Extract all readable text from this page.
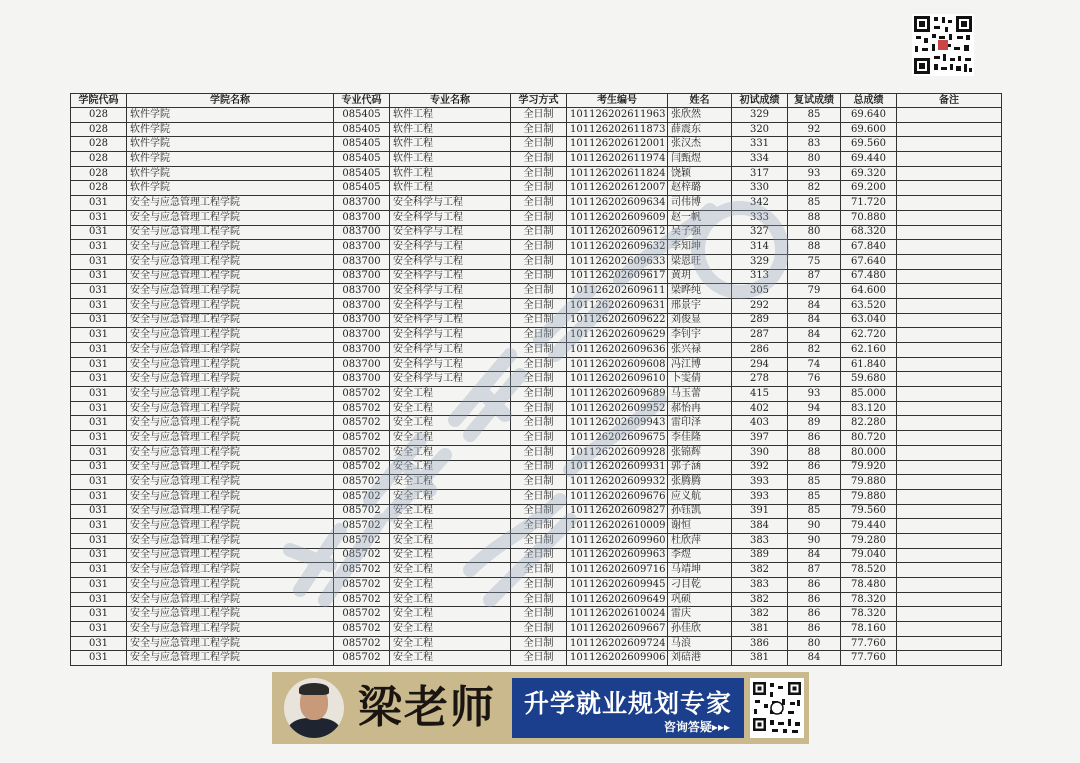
学院代码	学院名称	专业代码	专业名称	学习方式	考生编号	姓名	初试成绩	复试成绩	总成绩	备注
028	软件学院	085405	软件工程	全日制	101126202611963	张欣然	329	85	69.640	
028	软件学院	085405	软件工程	全日制	101126202611873	薛震东	320	92	69.600	
028	软件学院	085405	软件工程	全日制	101126202612001	张汉杰	331	83	69.560	
028	软件学院	085405	软件工程	全日制	101126202611974	闫甄煜	334	80	69.440	
028	软件学院	085405	软件工程	全日制	101126202611824	饶颖	317	93	69.320	
028	软件学院	085405	软件工程	全日制	101126202612007	赵梓璐	330	82	69.200	
031	安全与应急管理工程学院	083700	安全科学与工程	全日制	101126202609634	司伟博	342	85	71.720	
031	安全与应急管理工程学院	083700	安全科学与工程	全日制	101126202609609	赵一帆	333	88	70.880	
031	安全与应急管理工程学院	083700	安全科学与工程	全日制	101126202609612	吴子强	327	80	68.320	
031	安全与应急管理工程学院	083700	安全科学与工程	全日制	101126202609632	李知坤	314	88	67.840	
031	安全与应急管理工程学院	083700	安全科学与工程	全日制	101126202609633	梁恩旺	329	75	67.640	
031	安全与应急管理工程学院	083700	安全科学与工程	全日制	101126202609617	黄玥	313	87	67.480	
031	安全与应急管理工程学院	083700	安全科学与工程	全日制	101126202609611	梁晔纯	305	79	64.600	
031	安全与应急管理工程学院	083700	安全科学与工程	全日制	101126202609631	邢景宇	292	84	63.520	
031	安全与应急管理工程学院	083700	安全科学与工程	全日制	101126202609622	刘俊显	289	84	63.040	
031	安全与应急管理工程学院	083700	安全科学与工程	全日制	101126202609629	李钊宇	287	84	62.720	
031	安全与应急管理工程学院	083700	安全科学与工程	全日制	101126202609636	张兴禄	286	82	62.160	
031	安全与应急管理工程学院	083700	安全科学与工程	全日制	101126202609608	冯江博	294	74	61.840	
031	安全与应急管理工程学院	083700	安全科学与工程	全日制	101126202609610	卜雯倩	278	76	59.680	
031	安全与应急管理工程学院	085702	安全工程	全日制	101126202609689	马玉蕾	415	93	85.000	
031	安全与应急管理工程学院	085702	安全工程	全日制	101126202609952	郝怡冉	402	94	83.120	
031	安全与应急管理工程学院	085702	安全工程	全日制	101126202609943	雷印泽	403	89	82.280	
031	安全与应急管理工程学院	085702	安全工程	全日制	101126202609675	李佳隆	397	86	80.720	
031	安全与应急管理工程学院	085702	安全工程	全日制	101126202609928	张锦辉	390	88	80.000	
031	安全与应急管理工程学院	085702	安全工程	全日制	101126202609931	郭子涵	392	86	79.920	
031	安全与应急管理工程学院	085702	安全工程	全日制	101126202609932	张腾腾	393	85	79.880	
031	安全与应急管理工程学院	085702	安全工程	全日制	101126202609676	应义航	393	85	79.880	
031	安全与应急管理工程学院	085702	安全工程	全日制	101126202609827	孙钰凯	391	85	79.560	
031	安全与应急管理工程学院	085702	安全工程	全日制	101126202610009	谢恒	384	90	79.440	
031	安全与应急管理工程学院	085702	安全工程	全日制	101126202609960	杜欣萍	383	90	79.280	
031	安全与应急管理工程学院	085702	安全工程	全日制	101126202609963	李煜	389	84	79.040	
031	安全与应急管理工程学院	085702	安全工程	全日制	101126202609716	马靖坤	382	87	78.520	
031	安全与应急管理工程学院	085702	安全工程	全日制	101126202609945	刁目乾	383	86	78.480	
031	安全与应急管理工程学院	085702	安全工程	全日制	101126202609649	巩硕	382	86	78.320	
031	安全与应急管理工程学院	085702	安全工程	全日制	101126202610024	雷庆	382	86	78.320	
031	安全与应急管理工程学院	085702	安全工程	全日制	101126202609667	孙佳欣	381	86	78.160	
031	安全与应急管理工程学院	085702	安全工程	全日制	101126202609724	马浪	386	80	77.760	
031	安全与应急管理工程学院	085702	安全工程	全日制	101126202609906	刘碚港	381	84	77.760	
梁老师	升学就业规划专家
咨询答疑▸▸▸
